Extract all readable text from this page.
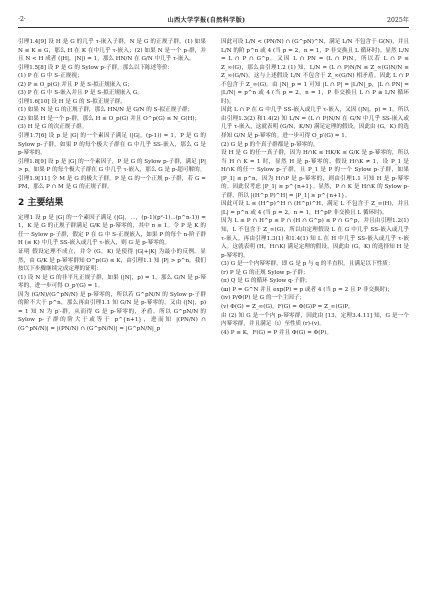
·2·	山西大学学报(自然科学版)	2025年

引理1.4[9] 设 H 是 G 的几乎 τ-嵌入子群，N 是 G 的正规子群，(1) 如果 N ≤ K ≤ G，那么 H 在 K 在中几乎 τ-嵌入；(2) 如果 N 是一个 p-群，并且 N < H 成者 (|H|，|N|) = 1，那么 HN/N 在 G/N 中几乎 τ-嵌入。

引理1.5[8] 设 P 是 G 的 Sylow p-子群，那么以下陈述等价：

(1) P 在 G 中 S-正规视；

(2) P ≤ O_p(G) 并且 P 是 S-拟正规嵌入 G；

(3) P 在 G 中 S-嵌入并且 P 是 S-拟正规嵌入 G。

引理1.6[10] 设 H 是 G 的 S-拟正规子群。

(1) 如果 N 是 G 的正规子群，那么 HN/N 是 G/N 的 S-拟正规子群；

(2) 如果 H 是一个 p-群，那么 H ≤ O_p(G) 并且 O^p(G) ≤ N_G(H)；

(3) H 是 G 的次正规子群。

引理1.7[6] 设 p 是 |G| 的一个素因子满足 (|G|，(p-1)) = 1，P 是 G 的 Sylow p-子群，如果 P 的每个极大子群在 G 中几乎 SS-嵌入，那么 G 是 p-幂零的。

引理1.8[9] 设 p 是 |G| 的一个素因子，P 是 G 的 Sylow p-子群，满足 |P| > p，如果 P 的每个极大子群在 G 中几乎 τ-嵌入，那么 G 是 p-超可解的。

引理1.9[11] 令 M 是 G 的极大子群，P 是 G 的一个正规 p-子群，若 G = PM，那么 P ∩ M 是 G 的正规子群。

2 主要结果

定理1 设 p 是 |G| 的一个素因子满足 (|G|，⋯，(p-1)(p²-1)⋯(p^n-1)) = 1，K 是 G 的正规子群满足 G/K 是 p-幂零的，其中 n ≥ 1。令 P 是 K 的任一 Sylow p-子群，假定 P 在 G 中 S-正规嵌入，如果 P 的每个 n-阶子群 H (≤ K) 中几乎 SS-嵌入或几乎 τ-嵌入，则 G 是 p-幂零的。

证明 假设定理不成立，并令 (G，K) 是使得 |G|+|K| 为最小的反例。显然，由 G/K 是 p-幂零群知 O^p(G) ≤ K，由引理1.1 知 |P| > p^n。我们按以下步骤继续完成定理的证明：

(1) 设 N 是 G 的非平凡正规子群，如果 (|N|，p) = 1，那么 G/N 是 p-幂零的，进一步可得 O_p'(G) = 1。

因为 (G/N)/(G^pN/N) 是 p-幂零的，所以若 G^pN/N 的 Sylow p-子群的阶不大于 p^n，那么再由引理1.1 知 G/N 是 p-幂零的。又由 (|N|，p) = 1 知 N 为 p′-群，从而得 G 是 p-幂零的，矛盾。所以 G^pN/N 的 Sylow p-子群的阶大于或等于 p^{n+1}，进而知 |(PN/N) ∩ (G^pN/N)| = |(PN/N) ∩ (G^pN/N)| = |G^pN/N|_p

因此可设 L/N < (PN/N) ∩ (G^pN)^N，满足 L/N 不包含于 G(N)，并且 L/N 的阶 p^n 或 4 (当 p = 2，n = 1，P 非交换且 L 循环时)。显然 L/N = L ∩ P ∩ G^p。又因 L ∩ PN = (L ∩ P)N，所以若 L ∩ P ≤ Z_∞(G)，那么由引理1.2 (1) 知，L/N = (L ∩ P)N/N ≤ Z_∞(G)N/N ≤ Z_∞(G/N)，这与上述假设 L/N 不包含于 Z_∞(G/N) 相矛盾。因此 L ∩ P 不包含于 Z_∞(G)。由 |N|_p = 1 可知 |L ∩ P| = |L/N|_p，|L ∩ PN| = |L/N| = p^n 或 4 (当 p = 2，n = 1，P 非交换且 L ∩ P ≅ L/N 循环时)。

因此 L ∩ P 在 G 中几乎 SS-嵌入或几乎 τ-嵌入，又因 (|N|，p) = 1，所以由引理1.3(2) 和1.4(2) 知 L/N = (L ∩ P)N/N 在 G/N 中几乎 SS-嵌入或几乎 τ-嵌入，这就表明 (G/N，K/N) 满足定理的假设，因此由 (G，K) 的选择知 G/N 是 p-幂零的。进一步可得 O_p′(G) = 1。

(2) G 是 p 的个真子群都是 p-幂零的。

设 H 是 G 的任一真子群，因为 H∩K ≤ HK/K ≤ G/K 是 p-幂零的，所以当 H ∩ K = 1 时，显然 H 是 p-幂零的。假设 H∩K ≠ 1，设 P_1 是 H∩K 的任一 Sylow p-子群，且 P_1 是 P 的一个 Sylow p-子群，如果 |P_1| ≤ p^n，因为 H∩P 是 p-幂零的，则由引理1.1 可知 H 是 p-幂零的。因此仅考虑 |P_1| ≥ p^{n+1}。显然，P ∩ K 是 H∩K 的 Sylow p-子群，所以 |(H^p P)^H| = |P_1| ≥ p^{n+1}。

因此可设 L ≤ (H^p)^H ∩ (H^p)^H，满足 L 不包含于 Z_∞(H)，并且 |L| = p^n 或 4 (当 p = 2，n = 1，H^pP 非交换且 L 循环时)。

因为 L ≤ P ∩ H^p ≤ P ∩ (H ∩ G^p) ≤ P ∩ G^p，并且由引理1.2(1) 知，L 不包含于 Z_∞(G)，所以由定理假设 L 在 G 中几乎 SS-嵌入或几乎 τ-嵌入。再由引理1.3(1) 和1.4(1) 知 L 在 H 中几乎 SS-嵌入或几乎 τ-嵌入。这就表明 (H，H∩K) 满足定理的假设，因此由 (G，K) 的选择知 H 是 p-幂零的。

(3) G 是一个内幂零群，即 G 是 p 与 q 的半直积，且满足以下性质：

(r) P 是 G 的正规 Sylow p-子群；

(п) Q 是 G 的循环 Sylow q-子群；

(ш) P = G^N 并且 exp(P) = p 或者 4 (当 p = 2 且 P 非交换时)；

(iv) P/Φ(P) 是 G 的一个主因子；

(v) Φ(G) = Z_∞(G)，F(G) = Φ(G)P = Z_∞(G)P。

由 (2) 知 G 是一个内 p-幂零群，因此由 [13，定理3.4.11] 知，G 是一个内幂零群，并且满足（i）至性质 (r)-(v)。

(4) P ≤ K，F(G) = P 并且 Φ(G) = Φ(P)。
